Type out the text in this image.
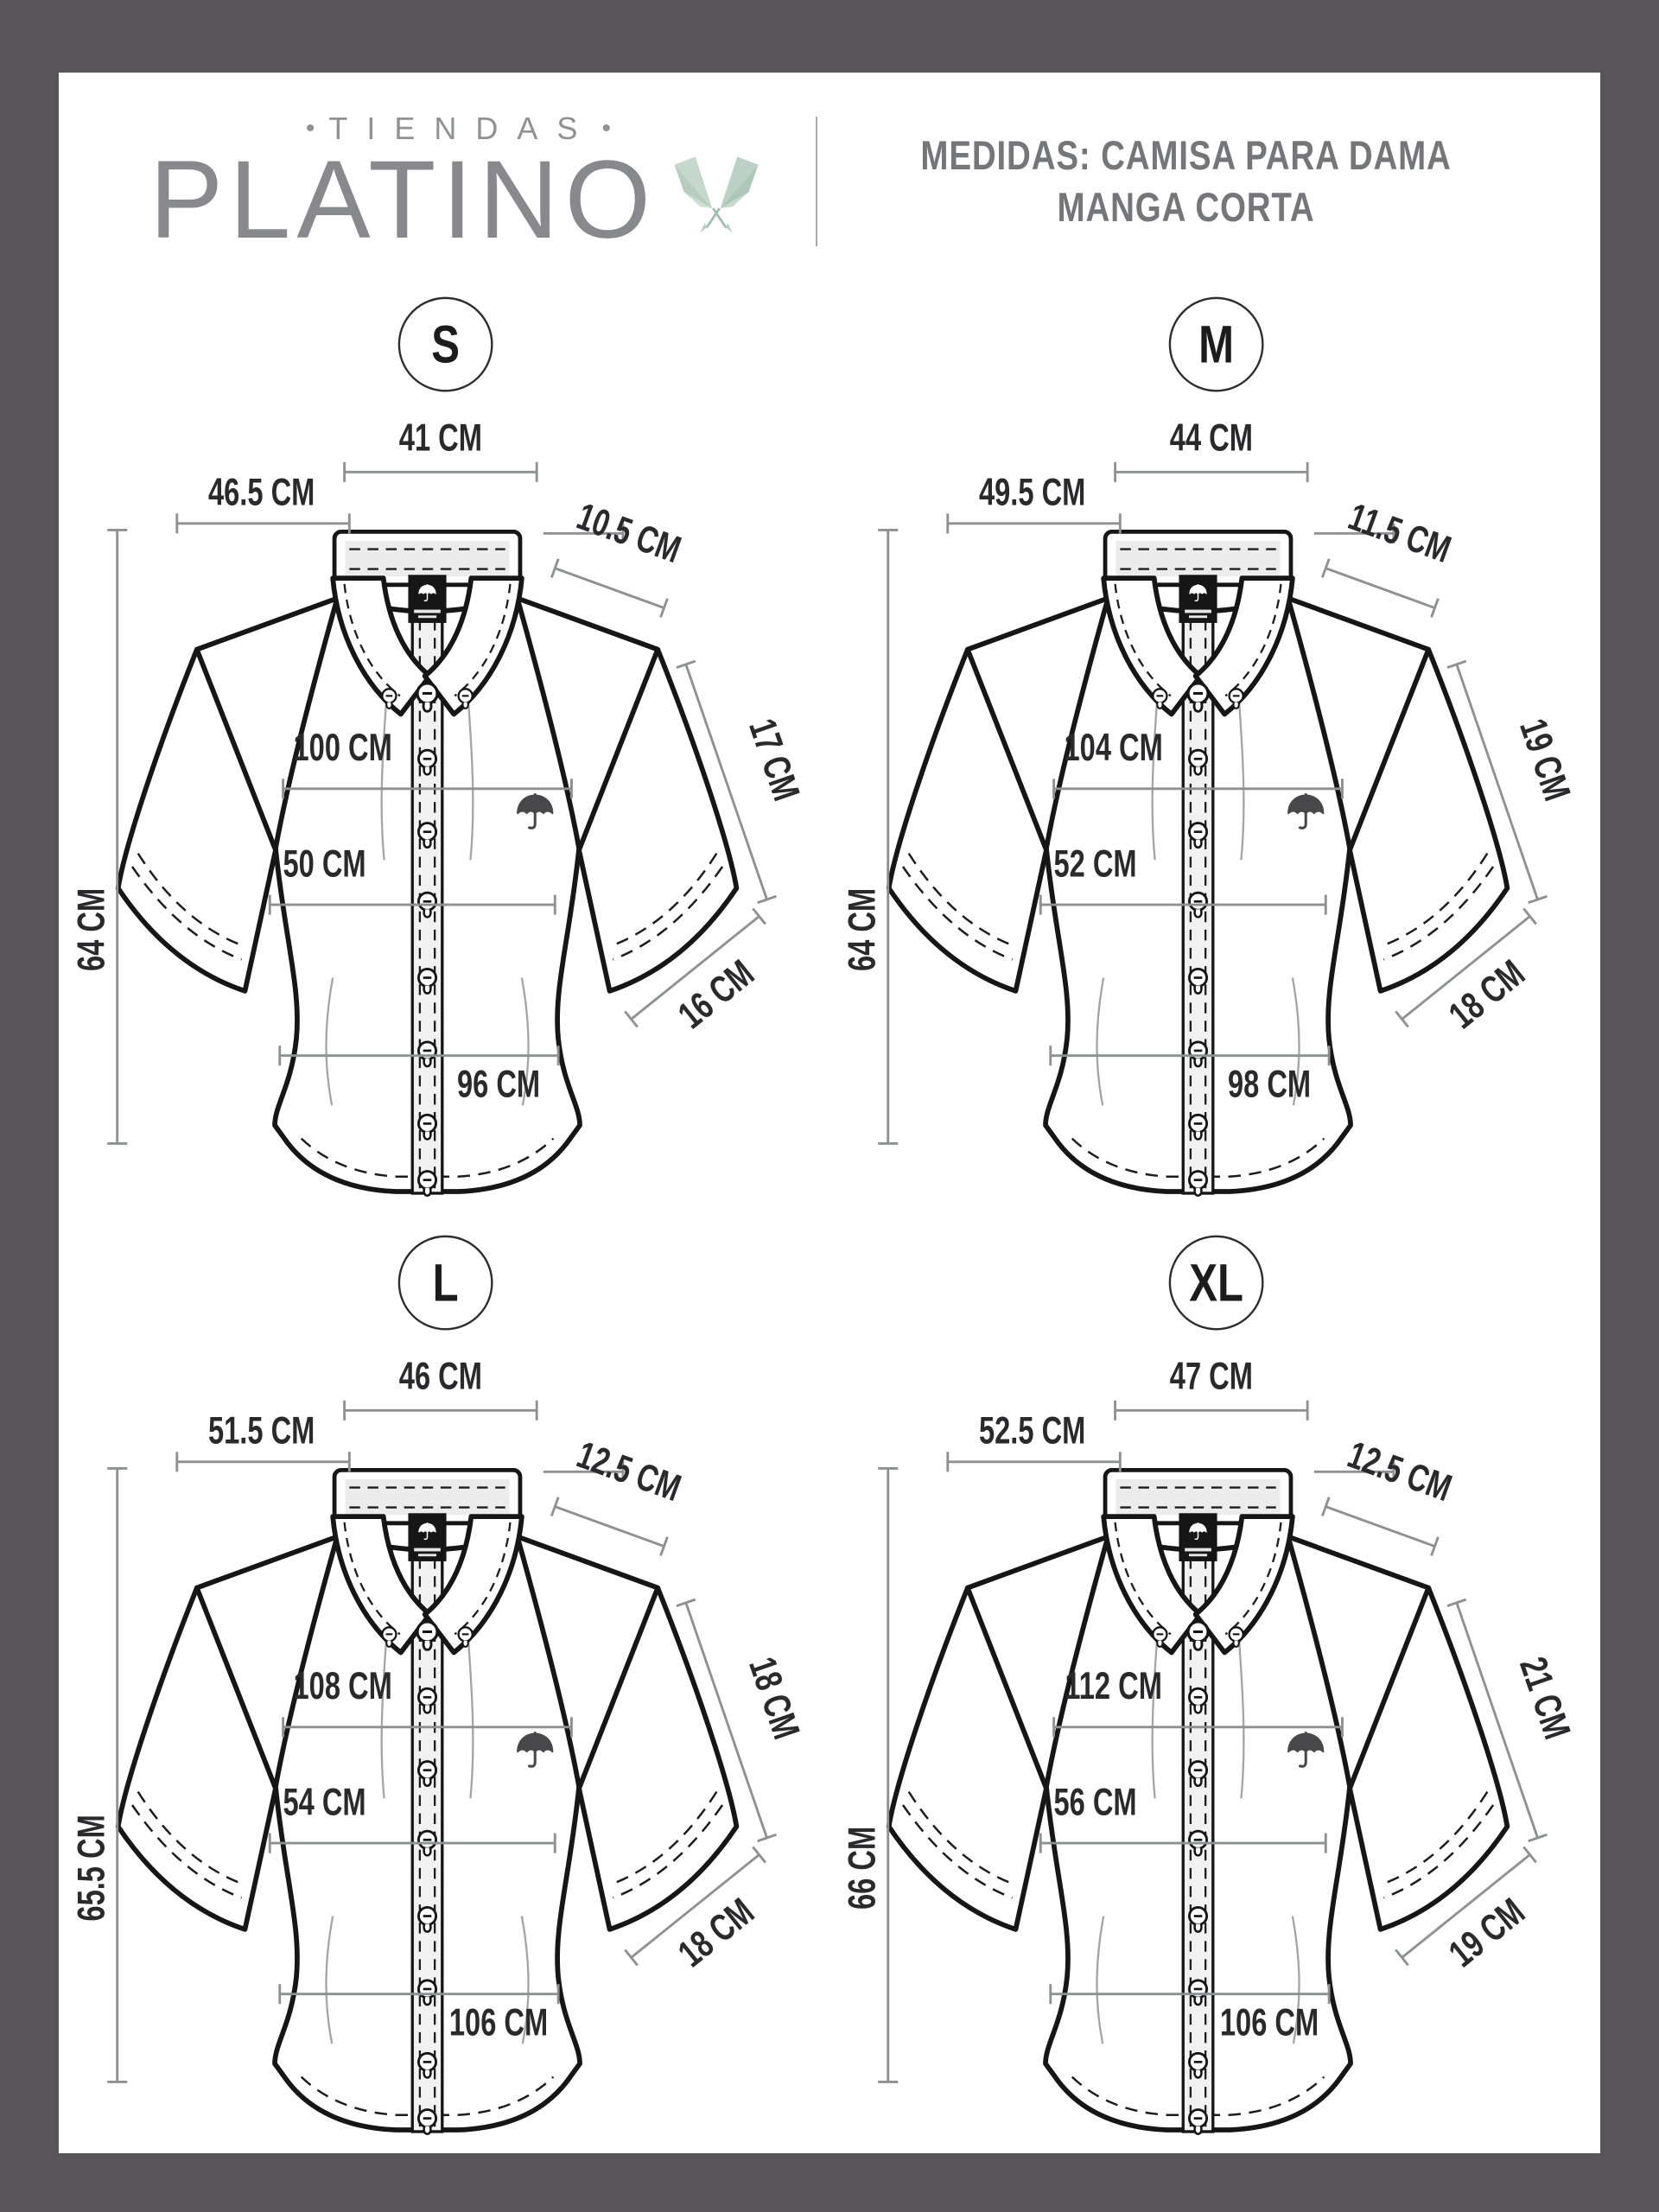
• TIENDAS •
PLATINO	MEDIDAS: CAMISA PARA DAMA
MANGA CORTA
S
41 CM
46.5 CM
10.5 CM
17 CM
16 CM
100 CM
50 CM
96 CM
64 CM
M
44 CM
49.5 CM
11.5 CM
19 CM
18 CM
104 CM
52 CM
98 CM
64 CM
L
46 CM
51.5 CM
12.5 CM
18 CM
18 CM
108 CM
54 CM
106 CM
65.5 CM
XL
47 CM
52.5 CM
12.5 CM
21 CM
19 CM
112 CM
56 CM
106 CM
66 CM
